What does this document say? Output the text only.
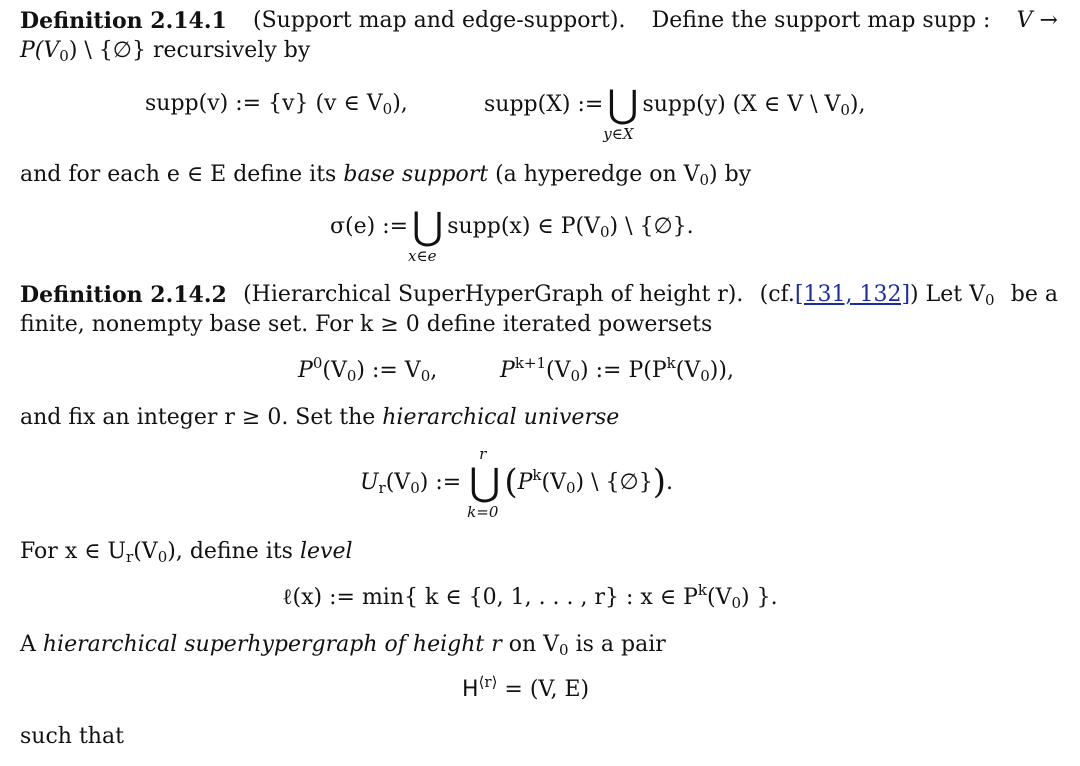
Definition 2.14.1 (Support map and edge-support). Define the support map supp : V →
$P(V_0)$ \ {∅} recursively by
supp(v) := {v} (v ∈ $V_0$),	supp(X) := ⋃
y∈X
supp(y) (X ∈ V \ $V_0$),
and for each e ∈ E define its base support (a hyperedge on $V_0$) by
σ(e) := ⋃
x∈e
supp(x) ∈ $P(V_0)$ \ {∅}.
Definition 2.14.2 (Hierarchical SuperHyperGraph of height r). (cf.[131, 132]) Let $V_0$ be a
finite, nonempty base set. For k ≥ 0 define iterated powersets
$P^0(V_0)$ := $V_0$,	$P^{k+1}(V_0)$ := $P(P^k(V_0))$,
and fix an integer r ≥ 0. Set the hierarchical universe
$U_r(V_0)$ := ⋃
r
k=0
($P^k(V_0)$ \ {∅}).
For x ∈ $U_r(V_0)$, define its level
ℓ(x) := min{ k ∈ {0, 1, . . . , r} : x ∈ $P^k(V_0)$ }.
A hierarchical superhypergraph of height r on $V_0$ is a pair
$H^{⟨r⟩} = (V$, E)
such that
